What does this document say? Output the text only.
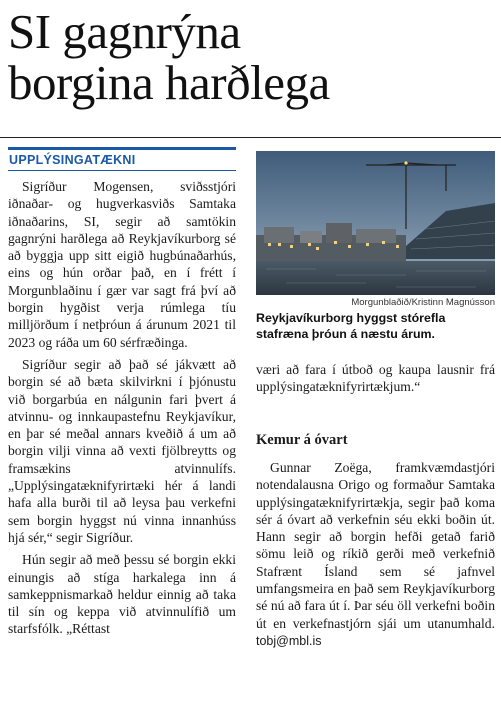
SI gagnrýna
borgina harðlega
UPPLÝSINGATÆKNI

Sigríður Mogensen, sviðsstjóri iðnaðar- og hugverkasviðs Samtaka iðnaðarins, SI, segir að samtökin gagnrýni harðlega að Reykjavíkurborg sé að byggja upp sitt eigið hugbúnaðarhús, eins og hún orðar það, en í frétt í Morgunblaðinu í gær var sagt frá því að borgin hygðist verja rúmlega tíu milljörðum í netþróun á árunum 2021 til 2023 og ráða um 60 sérfræðinga.

Sigríður segir að það sé jákvætt að borgin sé að bæta skilvirkni í þjónustu við borgarbúa en nálgunin fari þvert á atvinnu- og innkaupastefnu Reykjavíkur, en þar sé meðal annars kveðið á um að borgin vilji vinna að vexti fjölbreytts og framsækins atvinnulífs. „Upplýsingatæknifyrirtæki hér á landi hafa alla burði til að leysa þau verkefni sem borgin hyggst nú vinna innanhúss hjá sér,“ segir Sigríður.

Hún segir að með þessu sé borgin ekki einungis að stíga harkalega inn á samkeppnismarkað heldur einnig að taka til sín og keppa við atvinnulífið um starfsfólk. „Réttast

Morgunblaðið/Kristinn Magnússon
Reykjavíkurborg hyggst stórefla stafræna þróun á næstu árum.

væri að fara í útboð og kaupa lausnir frá upplýsingatæknifyrirtækjum.“

Kemur á óvart

Gunnar Zoëga, framkvæmdastjóri notendalausna Origo og formaður Samtaka upplýsingatæknifyrirtækja, segir það koma sér á óvart að verkefnin séu ekki boðin út. Hann segir að borgin hefði getað farið sömu leið og ríkið gerði með verkefnið Stafrænt Ísland sem sé jafnvel umfangsmeira en það sem Reykjavíkurborg sé nú að fara út í. Þar séu öll verkefni boðin út en verkefnastjórn sjái um utanumhald. tobj@mbl.is
